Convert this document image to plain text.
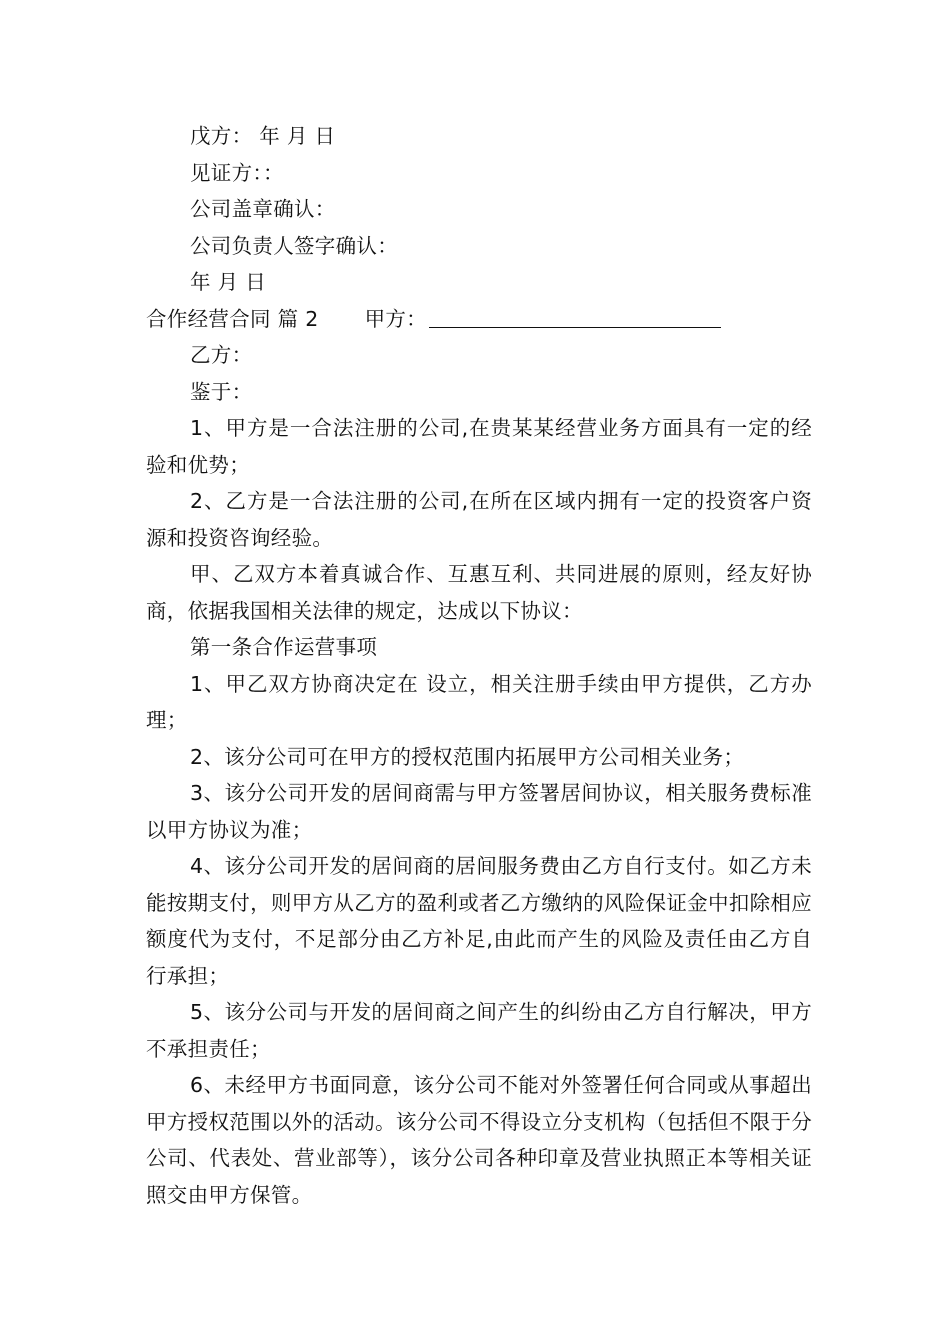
戊方： 年 月 日

见证方：：

公司盖章确认：

公司负责人签字确认：

年 月 日

合作经营合同 篇 2 甲方：

乙方：

鉴于：

1、甲方是一合法注册的公司,在贵某某经营业务方面具有一定的经验和优势；

2、乙方是一合法注册的公司,在所在区域内拥有一定的投资客户资源和投资咨询经验。

甲、乙双方本着真诚合作、互惠互利、共同进展的原则，经友好协商，依据我国相关法律的规定，达成以下协议：

第一条合作运营事项

1、甲乙双方协商决定在 设立，相关注册手续由甲方提供，乙方办理；

2、该分公司可在甲方的授权范围内拓展甲方公司相关业务；

3、该分公司开发的居间商需与甲方签署居间协议，相关服务费标准以甲方协议为准；

4、该分公司开发的居间商的居间服务费由乙方自行支付。如乙方未能按期支付，则甲方从乙方的盈利或者乙方缴纳的风险保证金中扣除相应额度代为支付，不足部分由乙方补足,由此而产生的风险及责任由乙方自行承担；

5、该分公司与开发的居间商之间产生的纠纷由乙方自行解决，甲方不承担责任；

6、未经甲方书面同意，该分公司不能对外签署任何合同或从事超出甲方授权范围以外的活动。该分公司不得设立分支机构（包括但不限于分公司、代表处、营业部等），该分公司各种印章及营业执照正本等相关证照交由甲方保管。
